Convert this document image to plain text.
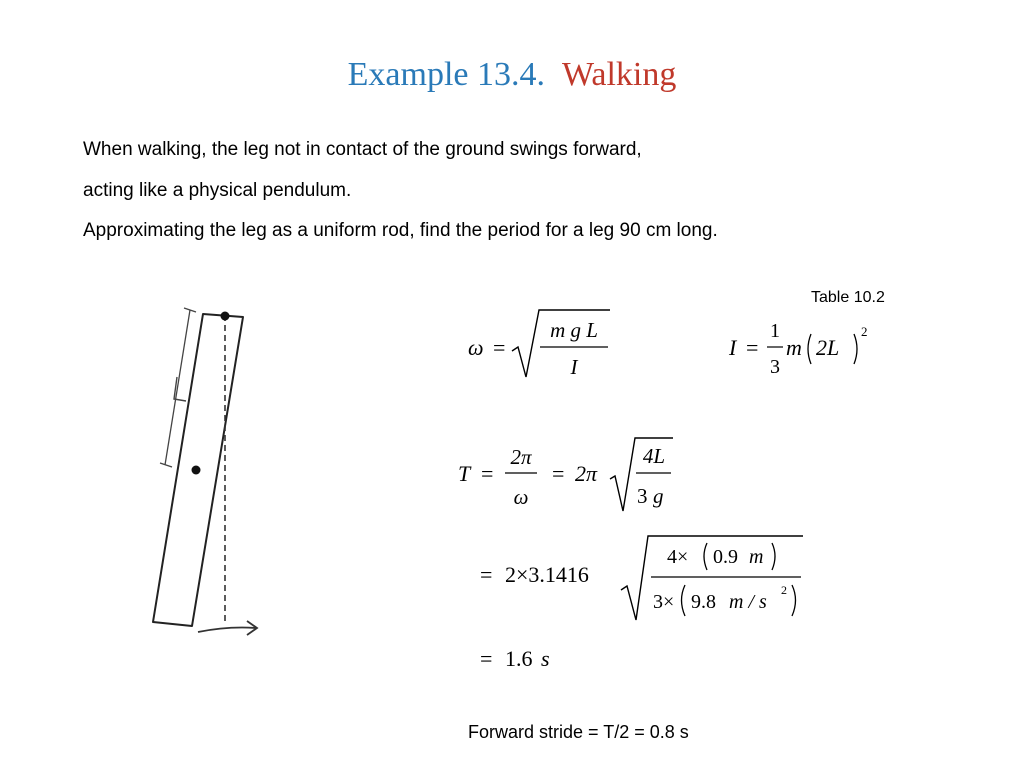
Example 13.4. Walking
When walking, the leg not in contact of the ground swings forward,
acting like a physical pendulum.
Approximating the leg as a uniform rod, find the period for a leg 90 cm long.
Table 10.2
ω =
m g L
I
I =
1
3
m 2L
2
T =
2π
ω
= 2π
4L
3 g
= 2×3.1416
4× 0.9 m
3× 9.8 m / s
2
= 1.6 s
Forward stride = T/2 = 0.8 s
